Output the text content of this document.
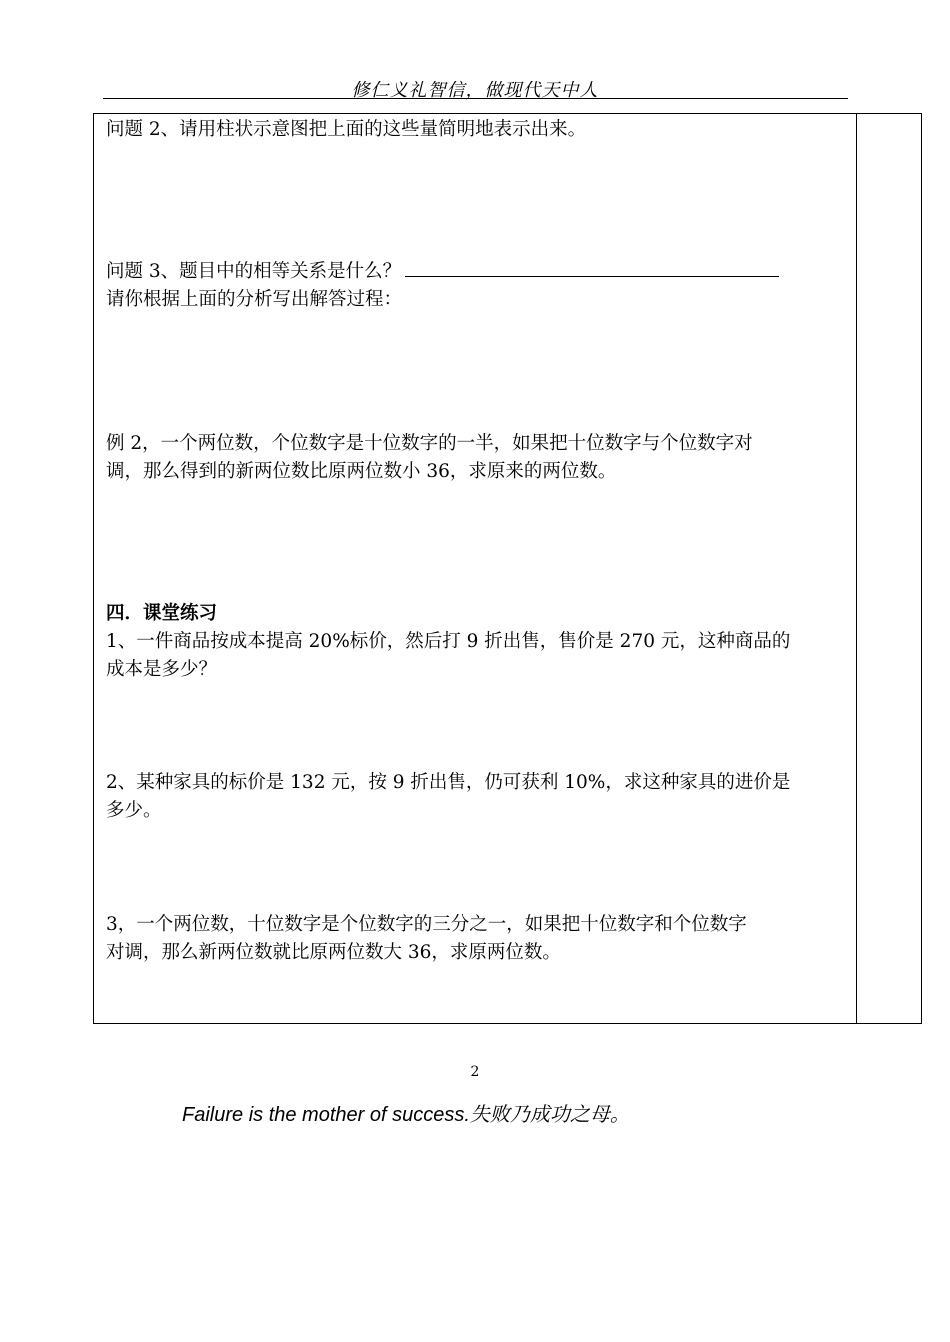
修仁义礼智信，做现代天中人
问题 2、请用柱状示意图把上面的这些量简明地表示出来。
问题 3、题目中的相等关系是什么？
请你根据上面的分析写出解答过程：
例 2，一个两位数，个位数字是十位数字的一半，如果把十位数字与个位数字对
调，那么得到的新两位数比原两位数小 36，求原来的两位数。
四．课堂练习
1、一件商品按成本提高 20%标价，然后打 9 折出售，售价是 270 元，这种商品的
成本是多少？
2、某种家具的标价是 132 元，按 9 折出售，仍可获利 10%，求这种家具的进价是
多少。
3，一个两位数，十位数字是个位数字的三分之一，如果把十位数字和个位数字
对调，那么新两位数就比原两位数大 36，求原两位数。
2
Failure is the mother of success.失败乃成功之母。
